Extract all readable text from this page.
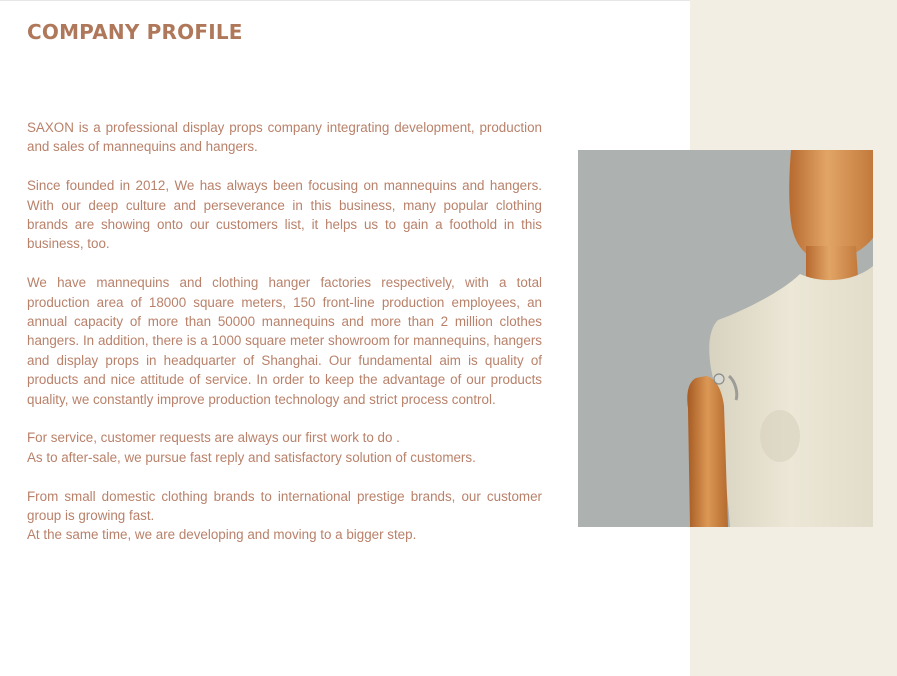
COMPANY PROFILE

SAXON is a professional display props company integrating development, production and sales of mannequins and hangers.

Since founded in 2012, We has always been focusing on mannequins and hangers. With our deep culture and perseverance in this business, many popular clothing brands are showing onto our customers list, it helps us to gain a foothold in this business, too.

We have mannequins and clothing hanger factories respectively, with a total production area of 18000 square meters, 150 front-line production employees, an annual capacity of more than 50000 mannequins and more than 2 million clothes hangers. In addition, there is a 1000 square meter showroom for mannequins, hangers and display props in headquarter of Shanghai. Our fundamental aim is quality of products and nice attitude of service. In order to keep the advantage of our products quality, we constantly improve production technology and strict process control.

For service, customer requests are always our first work to do .
As to after-sale, we pursue fast reply and satisfactory solution of customers.

From small domestic clothing brands to international prestige brands, our customer group is growing fast.
At the same time, we are developing and moving to a bigger step.
